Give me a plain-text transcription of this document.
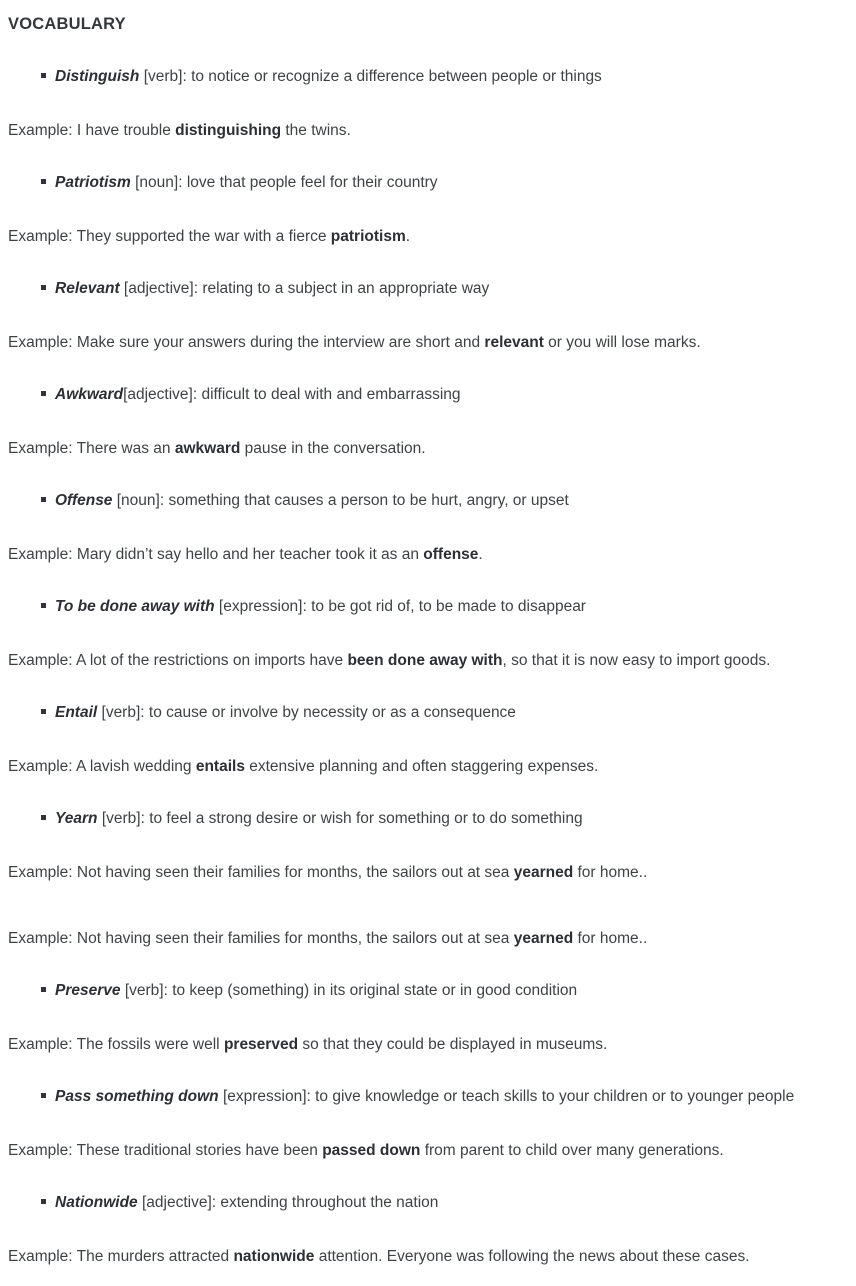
VOCABULARY
Distinguish [verb]: to notice or recognize a difference between people or things

Example: I have trouble distinguishing the twins.

Patriotism [noun]: love that people feel for their country

Example: They supported the war with a fierce patriotism.

Relevant [adjective]: relating to a subject in an appropriate way

Example: Make sure your answers during the interview are short and relevant or you will lose marks.

Awkward[adjective]: difficult to deal with and embarrassing

Example: There was an awkward pause in the conversation.

Offense [noun]: something that causes a person to be hurt, angry, or upset

Example: Mary didn’t say hello and her teacher took it as an offense.

To be done away with [expression]: to be got rid of, to be made to disappear

Example: A lot of the restrictions on imports have been done away with, so that it is now easy to import goods.

Entail [verb]: to cause or involve by necessity or as a consequence

Example: A lavish wedding entails extensive planning and often staggering expenses.

Yearn [verb]: to feel a strong desire or wish for something or to do something

Example: Not having seen their families for months, the sailors out at sea yearned for home..

Example: Not having seen their families for months, the sailors out at sea yearned for home..

Preserve [verb]: to keep (something) in its original state or in good condition

Example: The fossils were well preserved so that they could be displayed in museums.

Pass something down [expression]: to give knowledge or teach skills to your children or to younger people

Example: These traditional stories have been passed down from parent to child over many generations.

Nationwide [adjective]: extending throughout the nation

Example: The murders attracted nationwide attention. Everyone was following the news about these cases.
